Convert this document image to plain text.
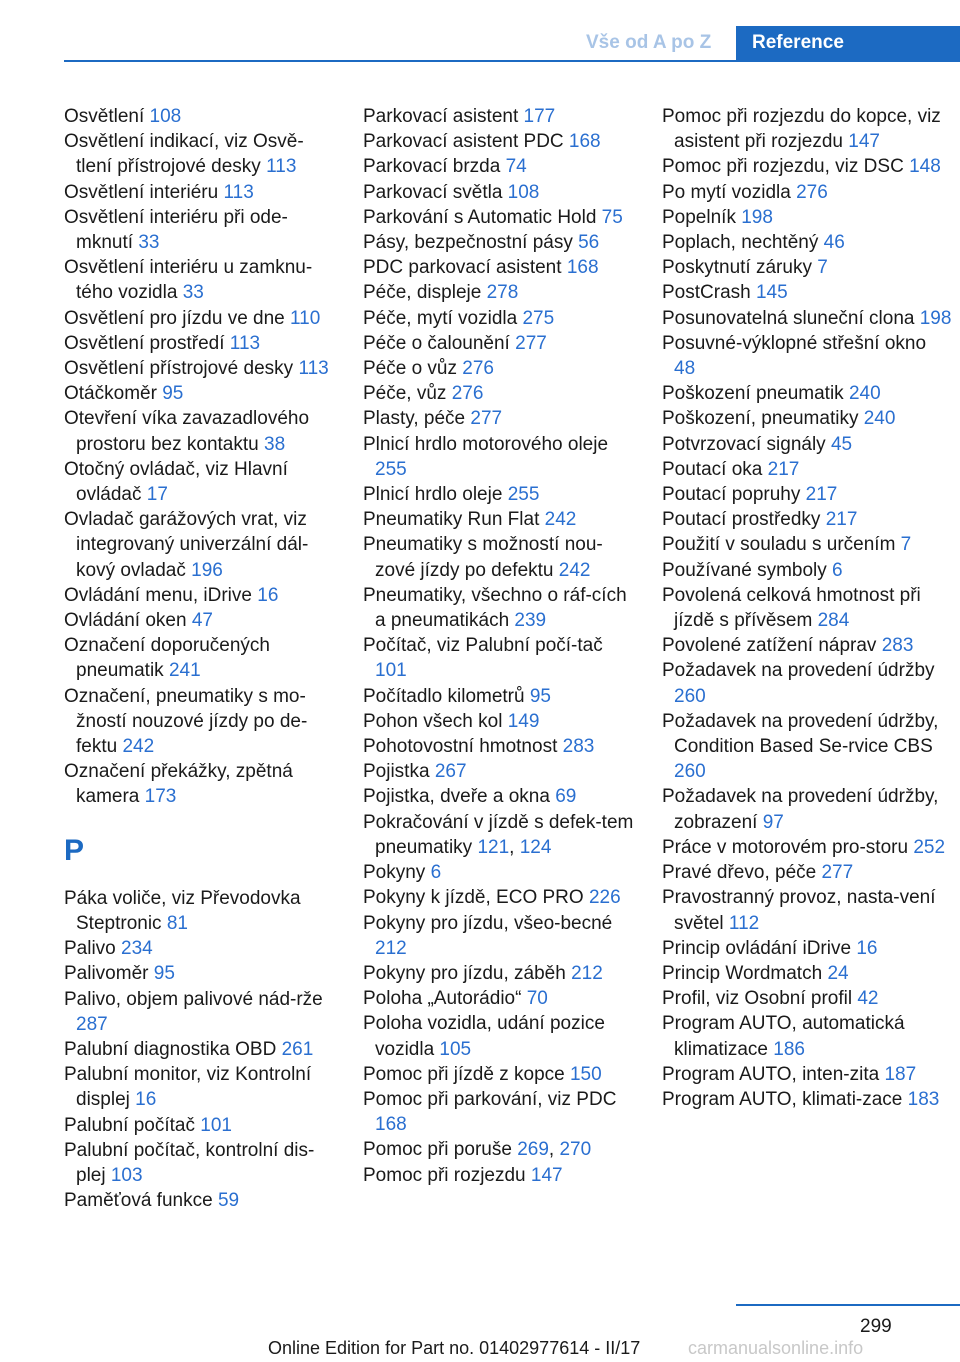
Vše od A po Z	Reference
Osvětlení 108
Osvětlení indikací, viz Osvě‐tlení přístrojové desky 113
Osvětlení interiéru 113
Osvětlení interiéru při ode‐mknutí 33
Osvětlení interiéru u zamknu‐tého vozidla 33
Osvětlení pro jízdu ve dne 110
Osvětlení prostředí 113
Osvětlení přístrojové desky 113
Otáčkoměr 95
Otevření víka zavazadlového prostoru bez kontaktu 38
Otočný ovládač, viz Hlavní ovládač 17
Ovladač garážových vrat, viz integrovaný univerzální dál‐kový ovladač 196
Ovládání menu, iDrive 16
Ovládání oken 47
Označení doporučených pneumatik 241
Označení, pneumatiky s mo‐žností nouzové jízdy po de‐fektu 242
Označení překážky, zpětná kamera 173
P
Páka voliče, viz Převodovka Steptronic 81
Palivo 234
Palivoměr 95
Palivo, objem palivové nád‐rže 287
Palubní diagnostika OBD 261
Palubní monitor, viz Kontrolní displej 16
Palubní počítač 101
Palubní počítač, kontrolní dis‐plej 103
Paměťová funkce 59
Parkovací asistent 177
Parkovací asistent PDC 168
Parkovací brzda 74
Parkovací světla 108
Parkování s Automatic Hold 75
Pásy, bezpečnostní pásy 56
PDC parkovací asistent 168
Péče, displeje 278
Péče, mytí vozidla 275
Péče o čalounění 277
Péče o vůz 276
Péče, vůz 276
Plasty, péče 277
Plnicí hrdlo motorového oleje 255
Plnicí hrdlo oleje 255
Pneumatiky Run Flat 242
Pneumatiky s možností nou‐zové jízdy po defektu 242
Pneumatiky, všechno o ráf‐cích a pneumatikách 239
Počítač, viz Palubní počí‐tač 101
Počítadlo kilometrů 95
Pohon všech kol 149
Pohotovostní hmotnost 283
Pojistka 267
Pojistka, dveře a okna 69
Pokračování v jízdě s defek‐tem pneumatiky 121, 124
Pokyny 6
Pokyny k jízdě, ECO PRO 226
Pokyny pro jízdu, všeo‐becné 212
Pokyny pro jízdu, záběh 212
Poloha „Autorádio“ 70
Poloha vozidla, udání pozice vozidla 105
Pomoc při jízdě z kopce 150
Pomoc při parkování, viz PDC 168
Pomoc při poruše 269, 270
Pomoc při rozjezdu 147
Pomoc při rozjezdu do kopce, viz asistent při rozjezdu 147
Pomoc při rozjezdu, viz DSC 148
Po mytí vozidla 276
Popelník 198
Poplach, nechtěný 46
Poskytnutí záruky 7
PostCrash 145
Posunovatelná sluneční clona 198
Posuvné-výklopné střešní okno 48
Poškození pneumatik 240
Poškození, pneumatiky 240
Potvrzovací signály 45
Poutací oka 217
Poutací popruhy 217
Poutací prostředky 217
Použití v souladu s určením 7
Používané symboly 6
Povolená celková hmotnost při jízdě s přívěsem 284
Povolené zatížení náprav 283
Požadavek na provedení údržby 260
Požadavek na provedení údržby, Condition Based Se‐rvice CBS 260
Požadavek na provedení údržby, zobrazení 97
Práce v motorovém pro‐storu 252
Pravé dřevo, péče 277
Pravostranný provoz, nasta‐vení světel 112
Princip ovládání iDrive 16
Princip Wordmatch 24
Profil, viz Osobní profil 42
Program AUTO, automatická klimatizace 186
Program AUTO, inten‐zita 187
Program AUTO, klimati‐zace 183
299
Online Edition for Part no. 01402977614 - II/17	carmanualsonline.info
